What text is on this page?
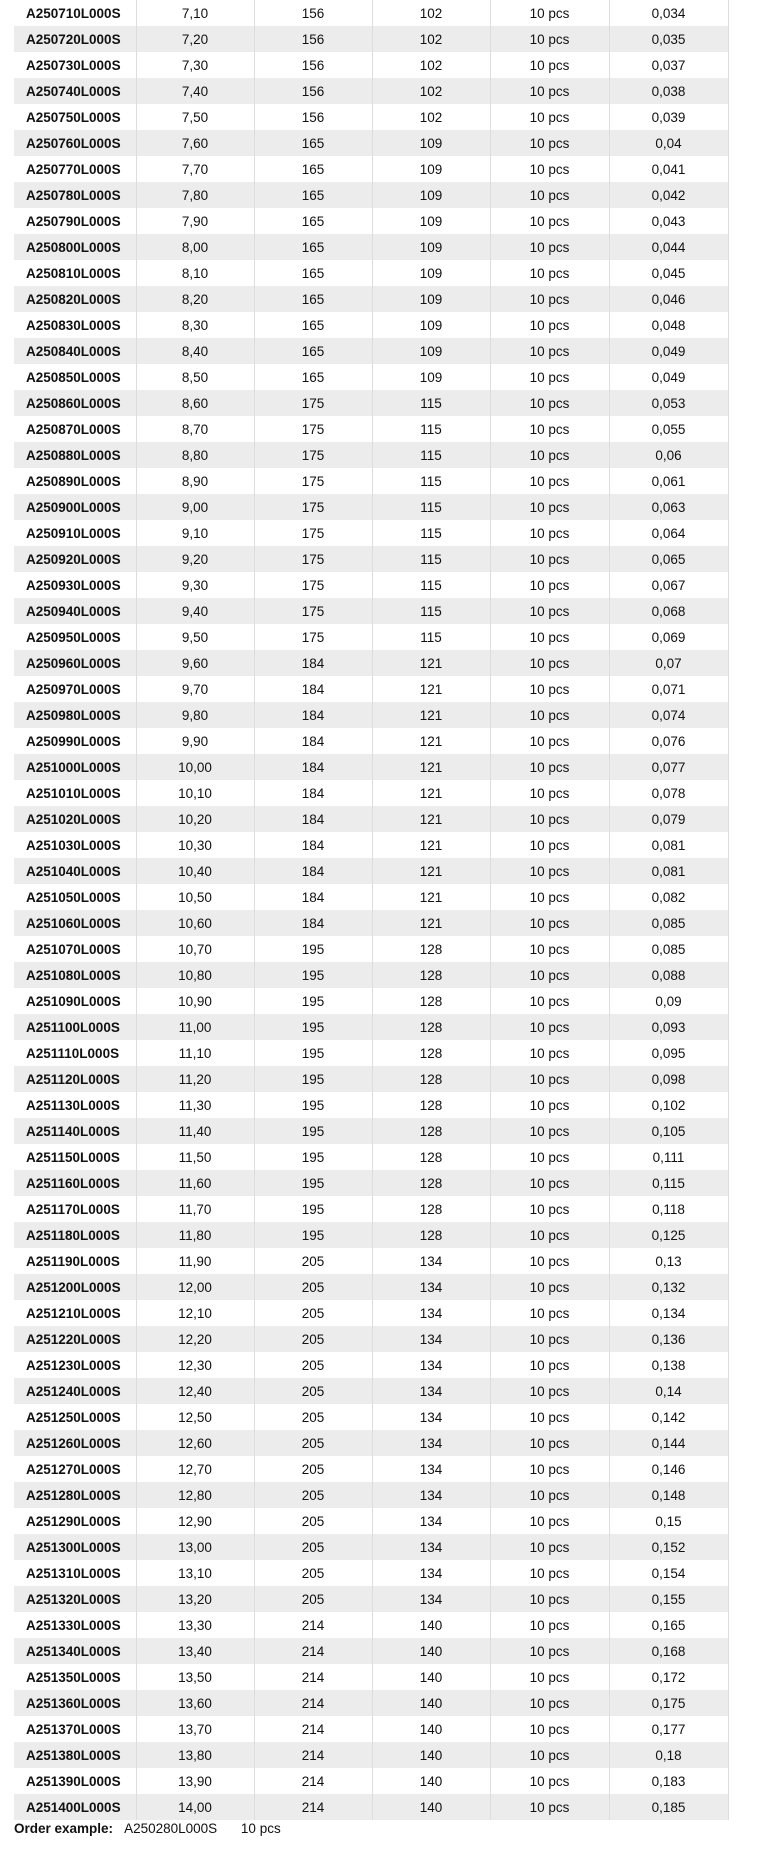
A250710L000S	7,10	156	102	10 pcs	0,034
A250720L000S	7,20	156	102	10 pcs	0,035
A250730L000S	7,30	156	102	10 pcs	0,037
A250740L000S	7,40	156	102	10 pcs	0,038
A250750L000S	7,50	156	102	10 pcs	0,039
A250760L000S	7,60	165	109	10 pcs	0,04
A250770L000S	7,70	165	109	10 pcs	0,041
A250780L000S	7,80	165	109	10 pcs	0,042
A250790L000S	7,90	165	109	10 pcs	0,043
A250800L000S	8,00	165	109	10 pcs	0,044
A250810L000S	8,10	165	109	10 pcs	0,045
A250820L000S	8,20	165	109	10 pcs	0,046
A250830L000S	8,30	165	109	10 pcs	0,048
A250840L000S	8,40	165	109	10 pcs	0,049
A250850L000S	8,50	165	109	10 pcs	0,049
A250860L000S	8,60	175	115	10 pcs	0,053
A250870L000S	8,70	175	115	10 pcs	0,055
A250880L000S	8,80	175	115	10 pcs	0,06
A250890L000S	8,90	175	115	10 pcs	0,061
A250900L000S	9,00	175	115	10 pcs	0,063
A250910L000S	9,10	175	115	10 pcs	0,064
A250920L000S	9,20	175	115	10 pcs	0,065
A250930L000S	9,30	175	115	10 pcs	0,067
A250940L000S	9,40	175	115	10 pcs	0,068
A250950L000S	9,50	175	115	10 pcs	0,069
A250960L000S	9,60	184	121	10 pcs	0,07
A250970L000S	9,70	184	121	10 pcs	0,071
A250980L000S	9,80	184	121	10 pcs	0,074
A250990L000S	9,90	184	121	10 pcs	0,076
A251000L000S	10,00	184	121	10 pcs	0,077
A251010L000S	10,10	184	121	10 pcs	0,078
A251020L000S	10,20	184	121	10 pcs	0,079
A251030L000S	10,30	184	121	10 pcs	0,081
A251040L000S	10,40	184	121	10 pcs	0,081
A251050L000S	10,50	184	121	10 pcs	0,082
A251060L000S	10,60	184	121	10 pcs	0,085
A251070L000S	10,70	195	128	10 pcs	0,085
A251080L000S	10,80	195	128	10 pcs	0,088
A251090L000S	10,90	195	128	10 pcs	0,09
A251100L000S	11,00	195	128	10 pcs	0,093
A251110L000S	11,10	195	128	10 pcs	0,095
A251120L000S	11,20	195	128	10 pcs	0,098
A251130L000S	11,30	195	128	10 pcs	0,102
A251140L000S	11,40	195	128	10 pcs	0,105
A251150L000S	11,50	195	128	10 pcs	0,111
A251160L000S	11,60	195	128	10 pcs	0,115
A251170L000S	11,70	195	128	10 pcs	0,118
A251180L000S	11,80	195	128	10 pcs	0,125
A251190L000S	11,90	205	134	10 pcs	0,13
A251200L000S	12,00	205	134	10 pcs	0,132
A251210L000S	12,10	205	134	10 pcs	0,134
A251220L000S	12,20	205	134	10 pcs	0,136
A251230L000S	12,30	205	134	10 pcs	0,138
A251240L000S	12,40	205	134	10 pcs	0,14
A251250L000S	12,50	205	134	10 pcs	0,142
A251260L000S	12,60	205	134	10 pcs	0,144
A251270L000S	12,70	205	134	10 pcs	0,146
A251280L000S	12,80	205	134	10 pcs	0,148
A251290L000S	12,90	205	134	10 pcs	0,15
A251300L000S	13,00	205	134	10 pcs	0,152
A251310L000S	13,10	205	134	10 pcs	0,154
A251320L000S	13,20	205	134	10 pcs	0,155
A251330L000S	13,30	214	140	10 pcs	0,165
A251340L000S	13,40	214	140	10 pcs	0,168
A251350L000S	13,50	214	140	10 pcs	0,172
A251360L000S	13,60	214	140	10 pcs	0,175
A251370L000S	13,70	214	140	10 pcs	0,177
A251380L000S	13,80	214	140	10 pcs	0,18
A251390L000S	13,90	214	140	10 pcs	0,183
A251400L000S	14,00	214	140	10 pcs	0,185
Order example: A250280L000S 10 pcs
